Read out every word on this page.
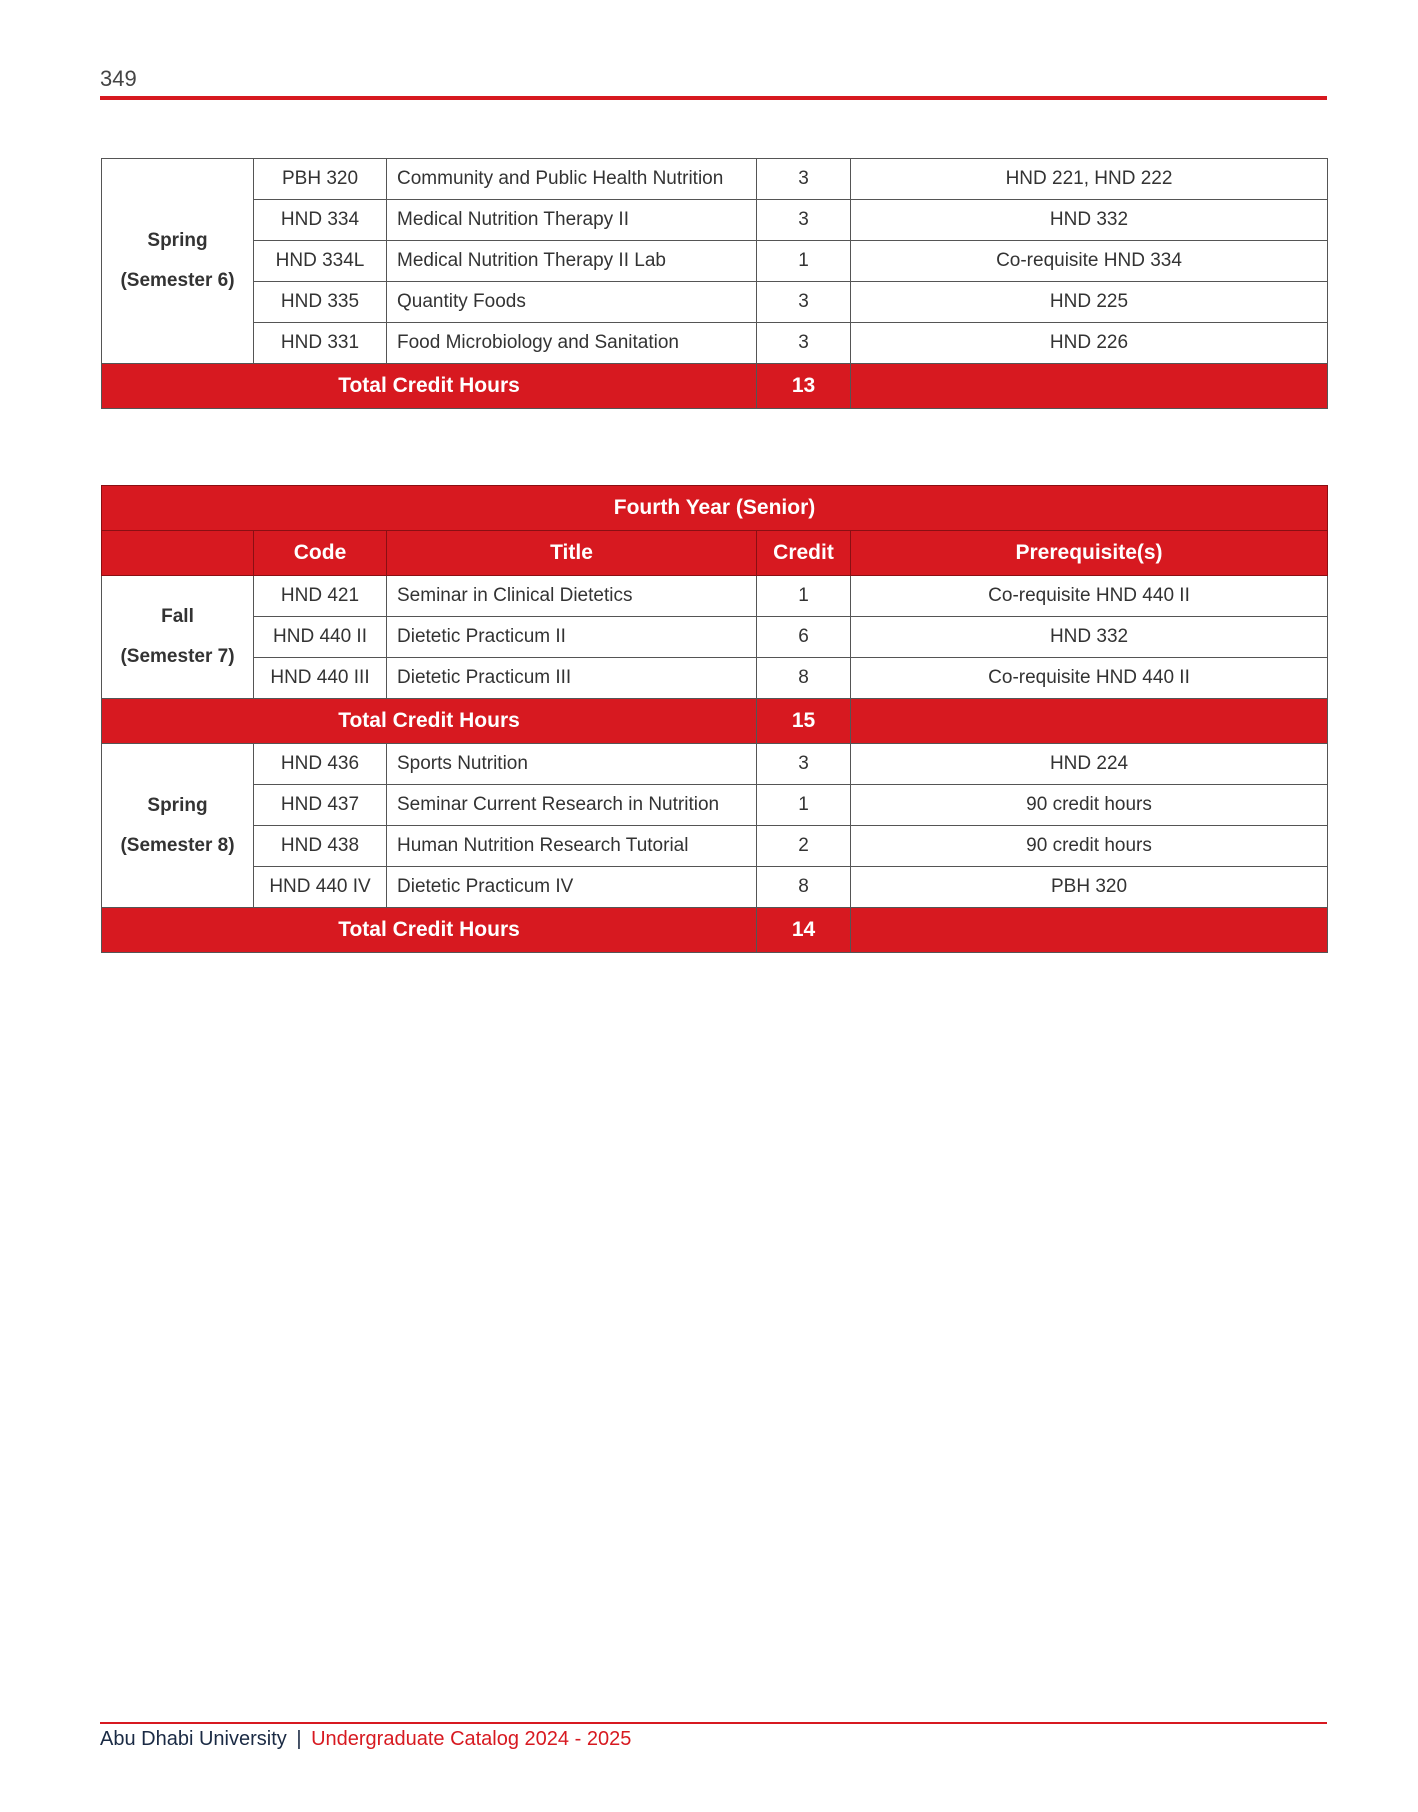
349
Spring
(Semester 6)	PBH 320	Community and Public Health Nutrition	3	HND 221, HND 222
	HND 334	Medical Nutrition Therapy II	3	HND 332
	HND 334L	Medical Nutrition Therapy II Lab	1	Co-requisite HND 334
	HND 335	Quantity Foods	3	HND 225
	HND 331	Food Microbiology and Sanitation	3	HND 226
Total Credit Hours			13	
Fourth Year (Senior)				
	Code	Title	Credit	Prerequisite(s)

Fall
(Semester 7)	HND 421	Seminar in Clinical Dietetics	1	Co-requisite HND 440 II
	HND 440 II	Dietetic Practicum II	6	HND 332
	HND 440 III	Dietetic Practicum III	8	Co-requisite HND 440 II
Total Credit Hours			15	

Spring
(Semester 8)	HND 436	Sports Nutrition	3	HND 224
	HND 437	Seminar Current Research in Nutrition	1	90 credit hours
	HND 438	Human Nutrition Research Tutorial	2	90 credit hours
	HND 440 IV	Dietetic Practicum IV	8	PBH 320
Total Credit Hours			14	
Abu Dhabi University | Undergraduate Catalog 2024 - 2025
